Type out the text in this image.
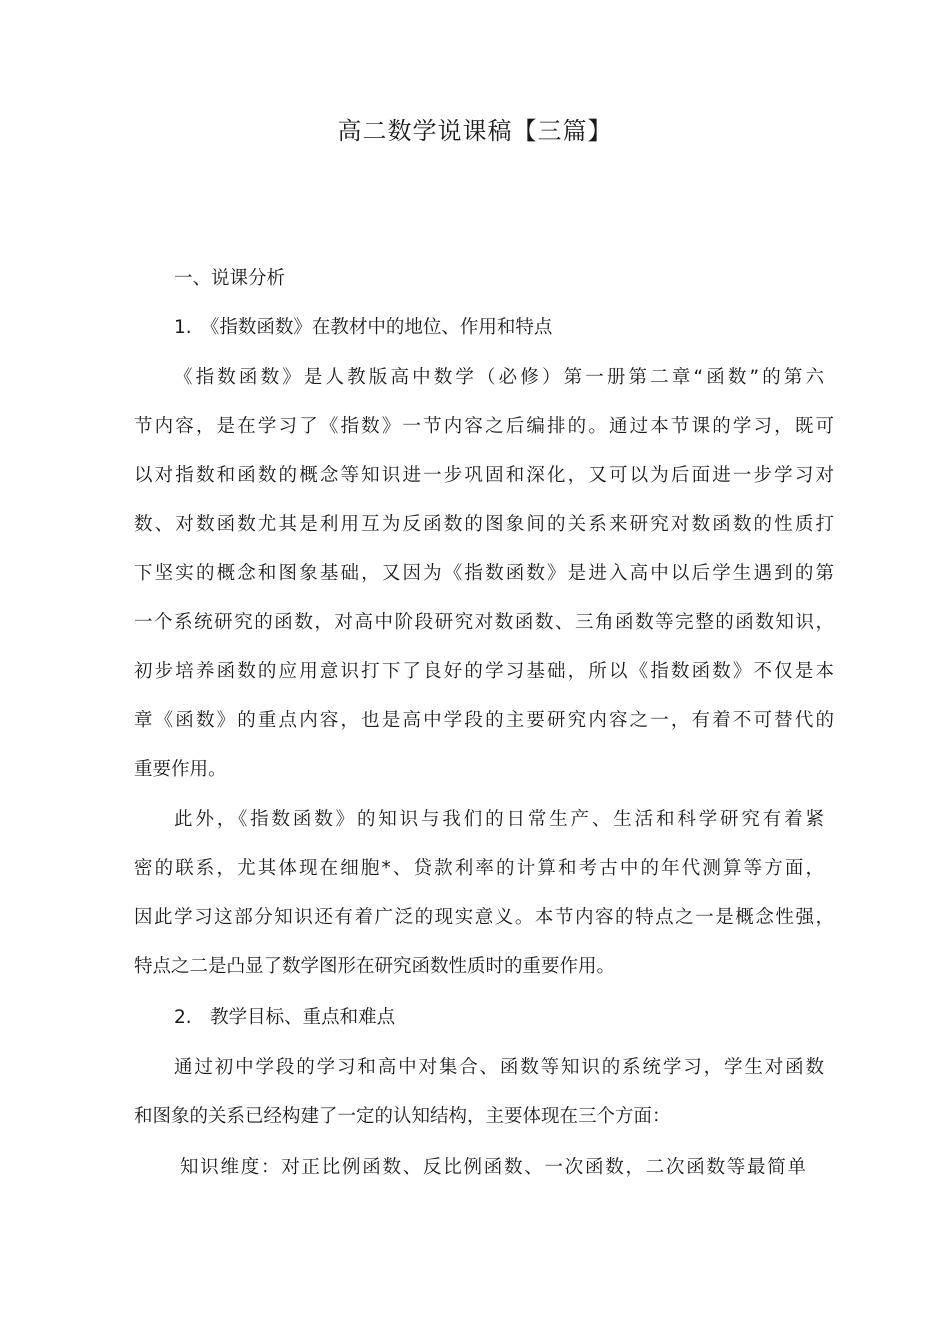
高二数学说课稿【三篇】
一、说课分析
1.　《指数函数》在教材中的地位、作用和特点
《指数函数》是人教版高中数学（必修）第一册第二章“函数”的第六
节内容，是在学习了《指数》一节内容之后编排的。通过本节课的学习，既可
以对指数和函数的概念等知识进一步巩固和深化，又可以为后面进一步学习对
数、对数函数尤其是利用互为反函数的图象间的关系来研究对数函数的性质打
下坚实的概念和图象基础，又因为《指数函数》是进入高中以后学生遇到的第
一个系统研究的函数，对高中阶段研究对数函数、三角函数等完整的函数知识，
初步培养函数的应用意识打下了良好的学习基础，所以《指数函数》不仅是本
章《函数》的重点内容，也是高中学段的主要研究内容之一，有着不可替代的
重要作用。
此外，《指数函数》的知识与我们的日常生产、生活和科学研究有着紧
密的联系，尤其体现在细胞*、贷款利率的计算和考古中的年代测算等方面，
因此学习这部分知识还有着广泛的现实意义。本节内容的特点之一是概念性强，
特点之二是凸显了数学图形在研究函数性质时的重要作用。
2.　教学目标、重点和难点
通过初中学段的学习和高中对集合、函数等知识的系统学习，学生对函数
和图象的关系已经构建了一定的认知结构，主要体现在三个方面：
知识维度：对正比例函数、反比例函数、一次函数，二次函数等最简单
